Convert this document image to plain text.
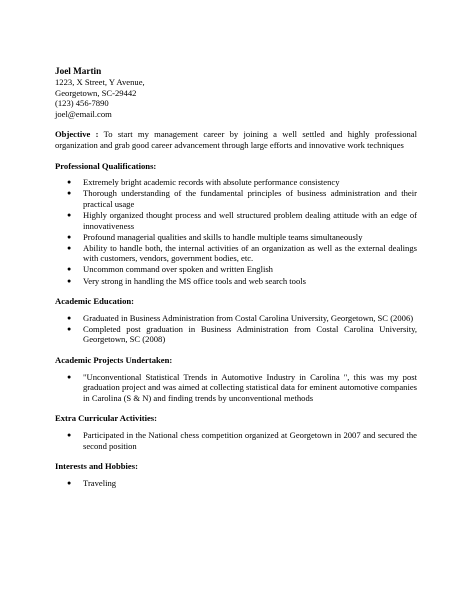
Joel Martin
1223, X Street, Y Avenue,
Georgetown, SC-29442
(123) 456-7890
joel@email.com
Objective : To start my management career by joining a well settled and highly professional organization and grab good career advancement through large efforts and innovative work techniques
Professional Qualifications:
● Extremely bright academic records with absolute performance consistency
● Thorough understanding of the fundamental principles of business administration and their practical usage
● Highly organized thought process and well structured problem dealing attitude with an edge of innovativeness
● Profound managerial qualities and skills to handle multiple teams simultaneously
● Ability to handle both, the internal activities of an organization as well as the external dealings with customers, vendors, government bodies, etc.
● Uncommon command over spoken and written English
● Very strong in handling the MS office tools and web search tools
Academic Education:
● Graduated in Business Administration from Costal Carolina University, Georgetown, SC (2006)
● Completed post graduation in Business Administration from Costal Carolina University, Georgetown, SC (2008)
Academic Projects Undertaken:
● "Unconventional Statistical Trends in Automotive Industry in Carolina ", this was my post graduation project and was aimed at collecting statistical data for eminent automotive companies in Carolina (S & N) and finding trends by unconventional methods
Extra Curricular Activities:
● Participated in the National chess competition organized at Georgetown in 2007 and secured the second position
Interests and Hobbies:
● Traveling
